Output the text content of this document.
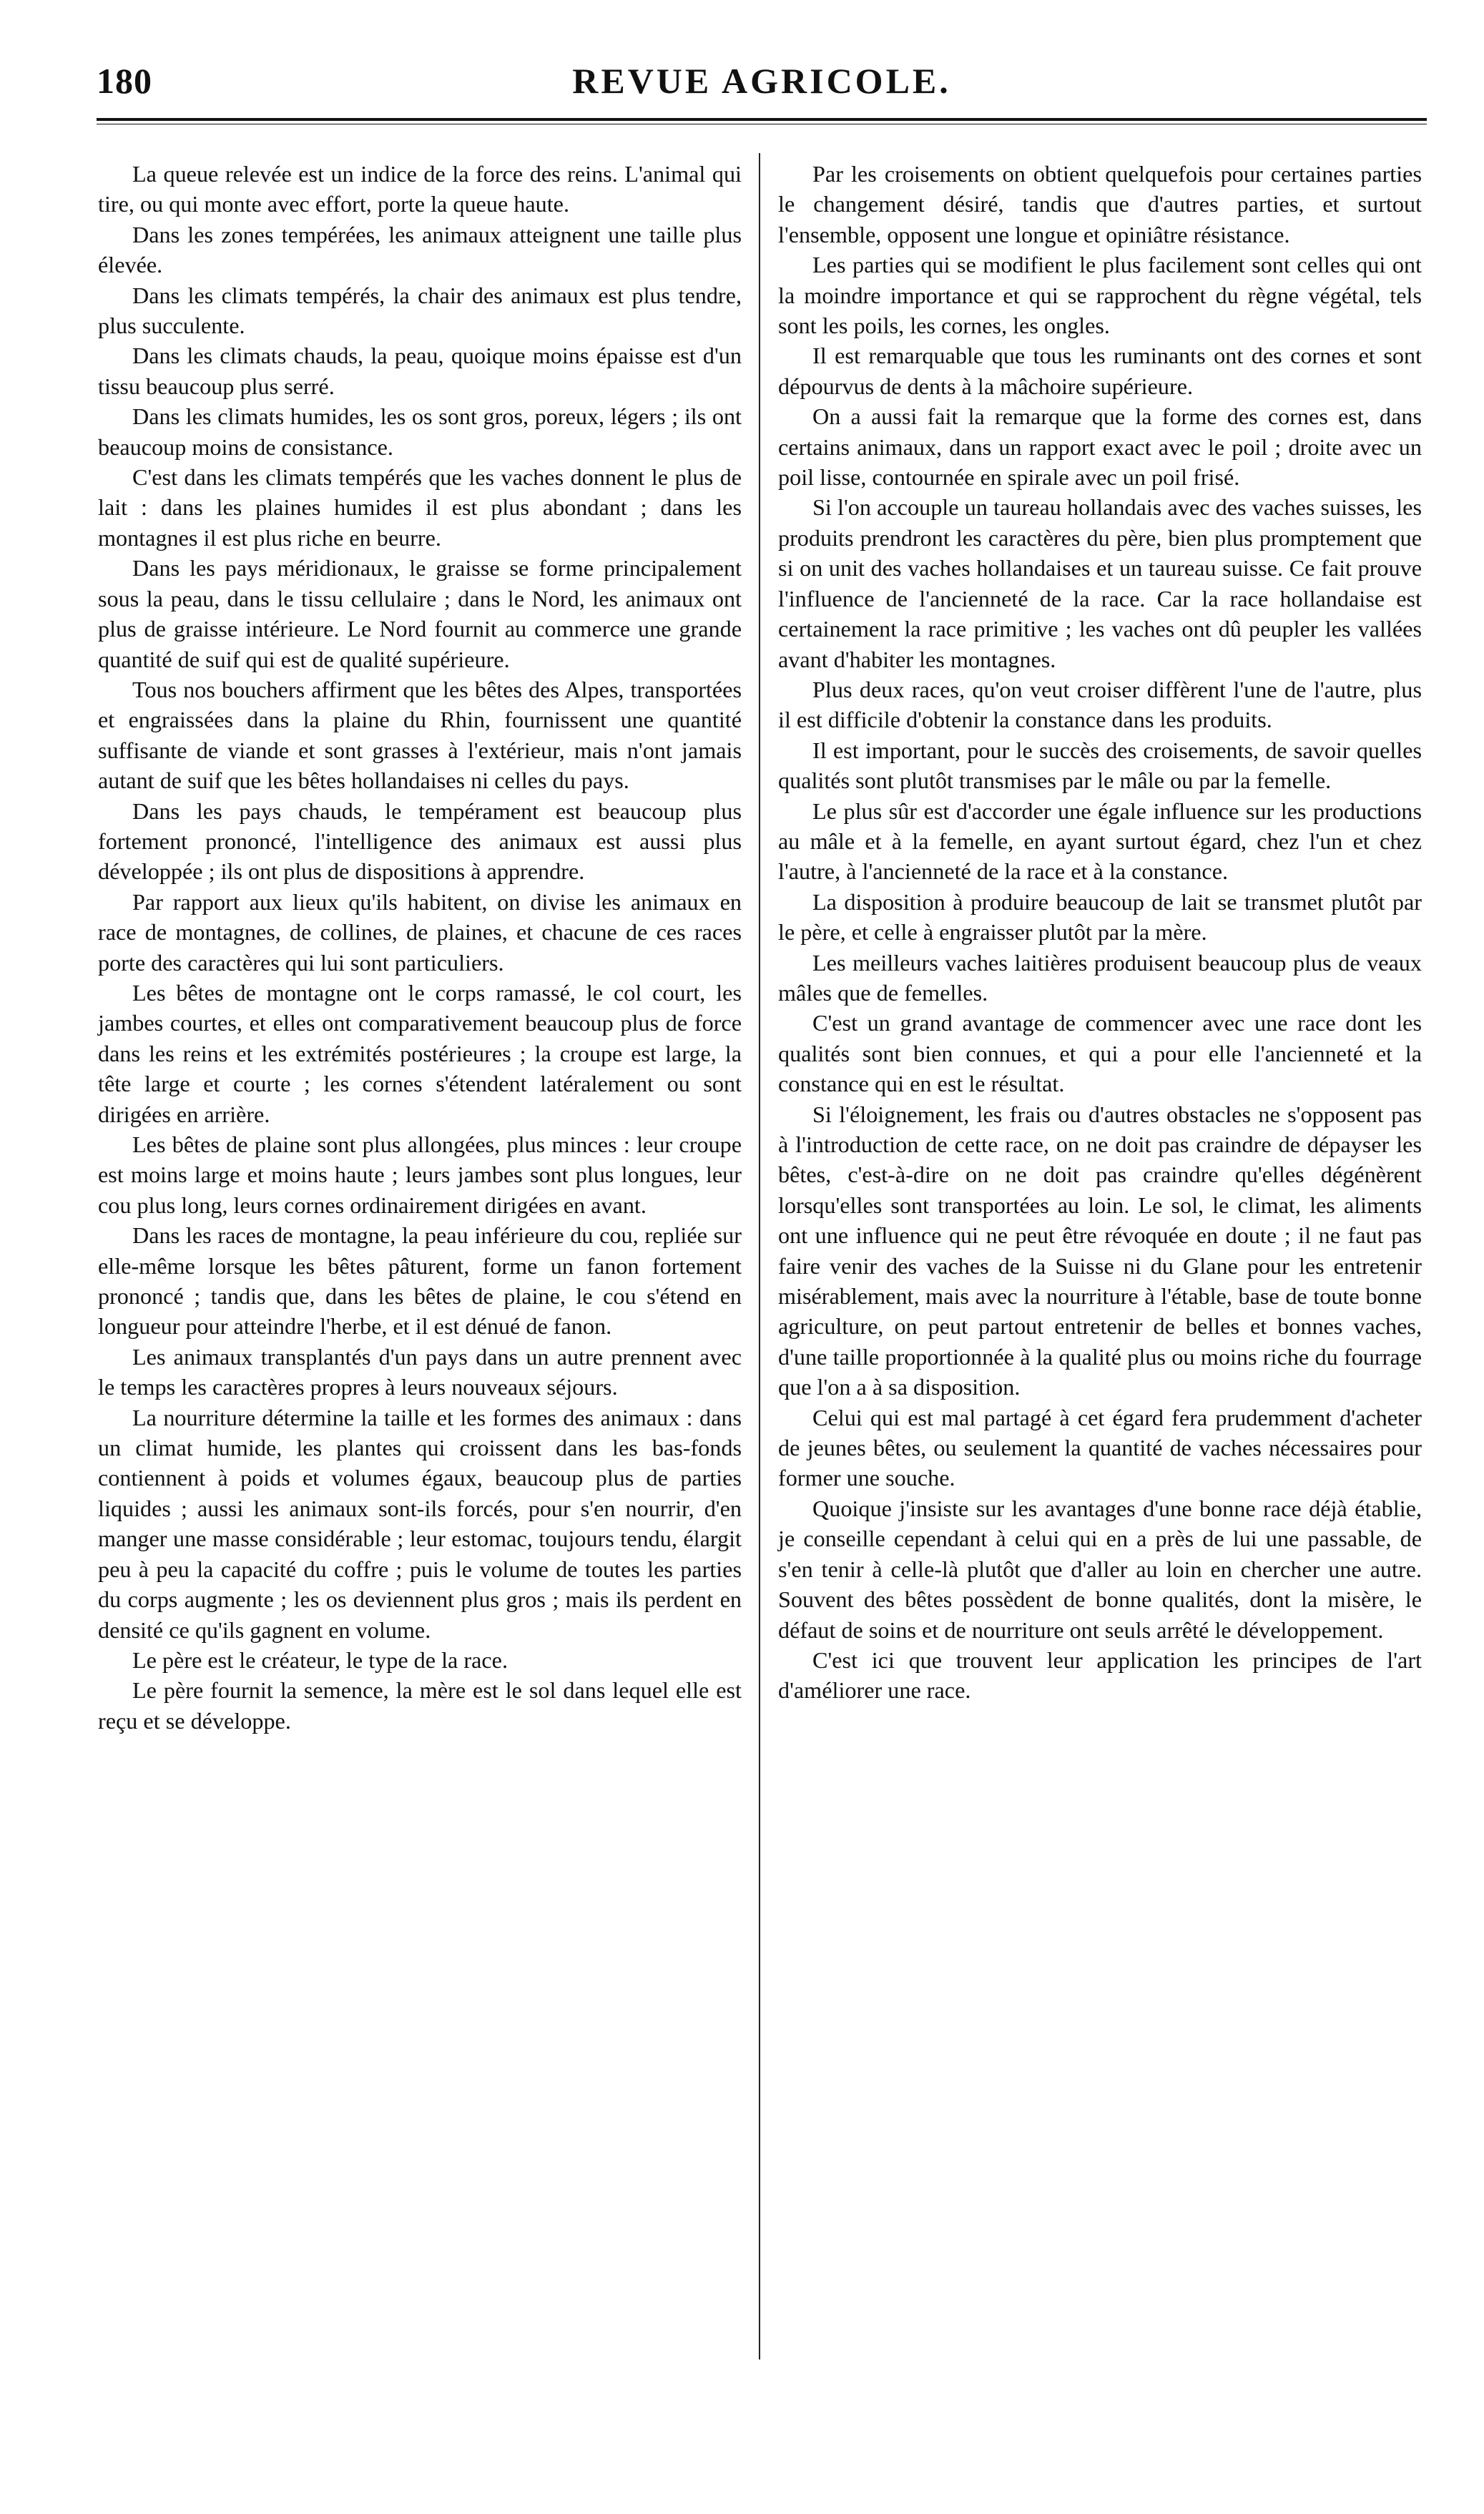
180	REVUE AGRICOLE.

La queue relevée est un indice de la force des reins. L'animal qui tire, ou qui monte avec effort, porte la queue haute.

Dans les zones tempérées, les animaux atteignent une taille plus élevée.

Dans les climats tempérés, la chair des animaux est plus tendre, plus succulente.

Dans les climats chauds, la peau, quoique moins épaisse est d'un tissu beaucoup plus serré.

Dans les climats humides, les os sont gros, poreux, légers ; ils ont beaucoup moins de consistance.

C'est dans les climats tempérés que les vaches donnent le plus de lait : dans les plaines humides il est plus abondant ; dans les montagnes il est plus riche en beurre.

Dans les pays méridionaux, le graisse se forme principalement sous la peau, dans le tissu cellulaire ; dans le Nord, les animaux ont plus de graisse intérieure. Le Nord fournit au commerce une grande quantité de suif qui est de qualité supérieure.

Tous nos bouchers affirment que les bêtes des Alpes, transportées et engraissées dans la plaine du Rhin, fournissent une quantité suffisante de viande et sont grasses à l'extérieur, mais n'ont jamais autant de suif que les bêtes hollandaises ni celles du pays.

Dans les pays chauds, le tempérament est beaucoup plus fortement prononcé, l'intelligence des animaux est aussi plus développée ; ils ont plus de dispositions à apprendre.

Par rapport aux lieux qu'ils habitent, on divise les animaux en race de montagnes, de collines, de plaines, et chacune de ces races porte des caractères qui lui sont particuliers.

Les bêtes de montagne ont le corps ramassé, le col court, les jambes courtes, et elles ont comparativement beaucoup plus de force dans les reins et les extrémités postérieures ; la croupe est large, la tête large et courte ; les cornes s'étendent latéralement ou sont dirigées en arrière.

Les bêtes de plaine sont plus allongées, plus minces : leur croupe est moins large et moins haute ; leurs jambes sont plus longues, leur cou plus long, leurs cornes ordinairement dirigées en avant.

Dans les races de montagne, la peau inférieure du cou, repliée sur elle-même lorsque les bêtes pâturent, forme un fanon fortement prononcé ; tandis que, dans les bêtes de plaine, le cou s'étend en longueur pour atteindre l'herbe, et il est dénué de fanon.

Les animaux transplantés d'un pays dans un autre prennent avec le temps les caractères propres à leurs nouveaux séjours.

La nourriture détermine la taille et les formes des animaux : dans un climat humide, les plantes qui croissent dans les bas-fonds contiennent à poids et volumes égaux, beaucoup plus de parties liquides ; aussi les animaux sont-ils forcés, pour s'en nourrir, d'en manger une masse considérable ; leur estomac, toujours tendu, élargit peu à peu la capacité du coffre ; puis le volume de toutes les parties du corps augmente ; les os deviennent plus gros ; mais ils perdent en densité ce qu'ils gagnent en volume.

Le père est le créateur, le type de la race.

Le père fournit la semence, la mère est le sol dans lequel elle est reçu et se développe.

Par les croisements on obtient quelquefois pour certaines parties le changement désiré, tandis que d'autres parties, et surtout l'ensemble, opposent une longue et opiniâtre résistance.

Les parties qui se modifient le plus facilement sont celles qui ont la moindre importance et qui se rapprochent du règne végétal, tels sont les poils, les cornes, les ongles.

Il est remarquable que tous les ruminants ont des cornes et sont dépourvus de dents à la mâchoire supérieure.

On a aussi fait la remarque que la forme des cornes est, dans certains animaux, dans un rapport exact avec le poil ; droite avec un poil lisse, contournée en spirale avec un poil frisé.

Si l'on accouple un taureau hollandais avec des vaches suisses, les produits prendront les caractères du père, bien plus promptement que si on unit des vaches hollandaises et un taureau suisse. Ce fait prouve l'influence de l'ancienneté de la race. Car la race hollandaise est certainement la race primitive ; les vaches ont dû peupler les vallées avant d'habiter les montagnes.

Plus deux races, qu'on veut croiser diffèrent l'une de l'autre, plus il est difficile d'obtenir la constance dans les produits.

Il est important, pour le succès des croisements, de savoir quelles qualités sont plutôt transmises par le mâle ou par la femelle.

Le plus sûr est d'accorder une égale influence sur les productions au mâle et à la femelle, en ayant surtout égard, chez l'un et chez l'autre, à l'ancienneté de la race et à la constance.

La disposition à produire beaucoup de lait se transmet plutôt par le père, et celle à engraisser plutôt par la mère.

Les meilleurs vaches laitières produisent beaucoup plus de veaux mâles que de femelles.

C'est un grand avantage de commencer avec une race dont les qualités sont bien connues, et qui a pour elle l'ancienneté et la constance qui en est le résultat.

Si l'éloignement, les frais ou d'autres obstacles ne s'opposent pas à l'introduction de cette race, on ne doit pas craindre de dépayser les bêtes, c'est-à-dire on ne doit pas craindre qu'elles dégénèrent lorsqu'elles sont transportées au loin. Le sol, le climat, les aliments ont une influence qui ne peut être révoquée en doute ; il ne faut pas faire venir des vaches de la Suisse ni du Glane pour les entretenir misérablement, mais avec la nourriture à l'étable, base de toute bonne agriculture, on peut partout entretenir de belles et bonnes vaches, d'une taille proportionnée à la qualité plus ou moins riche du fourrage que l'on a à sa disposition.

Celui qui est mal partagé à cet égard fera prudemment d'acheter de jeunes bêtes, ou seulement la quantité de vaches nécessaires pour former une souche.

Quoique j'insiste sur les avantages d'une bonne race déjà établie, je conseille cependant à celui qui en a près de lui une passable, de s'en tenir à celle-là plutôt que d'aller au loin en chercher une autre. Souvent des bêtes possèdent de bonne qualités, dont la misère, le défaut de soins et de nourriture ont seuls arrêté le développement.

C'est ici que trouvent leur application les principes de l'art d'améliorer une race.
